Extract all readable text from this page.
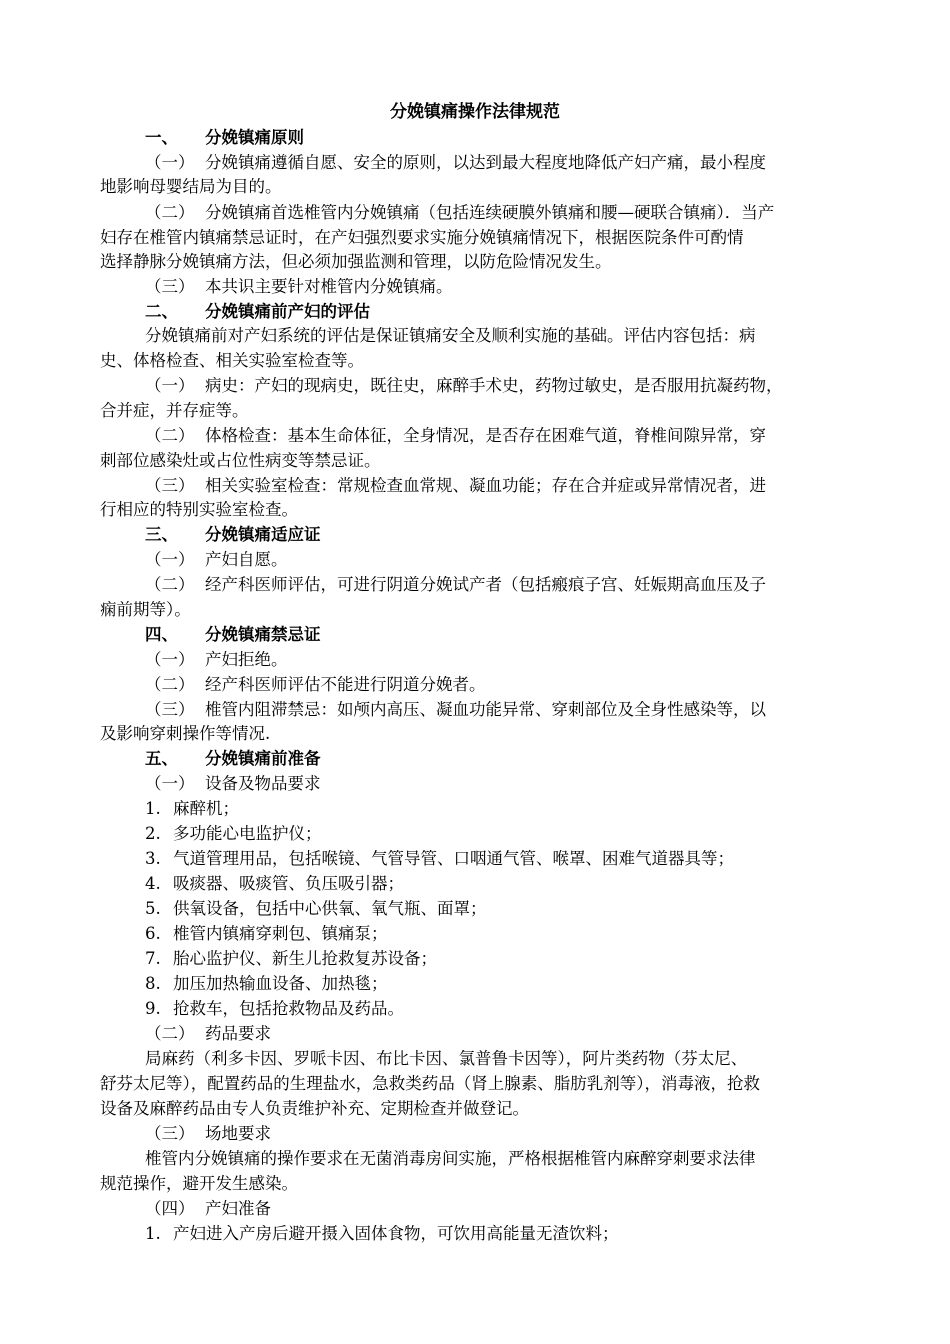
分娩镇痛操作法律规范
一、 分娩镇痛原则
（一） 分娩镇痛遵循自愿、安全的原则，以达到最大程度地降低产妇产痛，最小程度
地影响母婴结局为目的。
（二） 分娩镇痛首选椎管内分娩镇痛（包括连续硬膜外镇痛和腰—硬联合镇痛）．当产
妇存在椎管内镇痛禁忌证时，在产妇强烈要求实施分娩镇痛情况下，根据医院条件可酌情
选择静脉分娩镇痛方法，但必须加强监测和管理，以防危险情况发生。
（三） 本共识主要针对椎管内分娩镇痛。
二、 分娩镇痛前产妇的评估
分娩镇痛前对产妇系统的评估是保证镇痛安全及顺利实施的基础。评估内容包括：病
史、体格检查、相关实验室检查等。
（一） 病史：产妇的现病史，既往史，麻醉手术史，药物过敏史，是否服用抗凝药物，
合并症，并存症等。
（二） 体格检查：基本生命体征，全身情况，是否存在困难气道，脊椎间隙异常，穿
刺部位感染灶或占位性病变等禁忌证。
（三） 相关实验室检查：常规检查血常规、凝血功能；存在合并症或异常情况者，进
行相应的特别实验室检查。
三、 分娩镇痛适应证
（一） 产妇自愿。
（二） 经产科医师评估，可进行阴道分娩试产者（包括瘢痕子宫、妊娠期高血压及子
痫前期等）。
四、 分娩镇痛禁忌证
（一） 产妇拒绝。
（二） 经产科医师评估不能进行阴道分娩者。
（三） 椎管内阻滞禁忌：如颅内高压、凝血功能异常、穿刺部位及全身性感染等，以
及影响穿刺操作等情况.
五、 分娩镇痛前准备
（一） 设备及物品要求
1. 麻醉机；
2. 多功能心电监护仪；
3. 气道管理用品，包括喉镜、气管导管、口咽通气管、喉罩、困难气道器具等；
4. 吸痰器、吸痰管、负压吸引器；
5. 供氧设备，包括中心供氧、氧气瓶、面罩；
6. 椎管内镇痛穿刺包、镇痛泵；
7. 胎心监护仪、新生儿抢救复苏设备；
8. 加压加热输血设备、加热毯；
9. 抢救车，包括抢救物品及药品。
（二） 药品要求
局麻药（利多卡因、罗哌卡因、布比卡因、氯普鲁卡因等），阿片类药物（芬太尼、
舒芬太尼等），配置药品的生理盐水，急救类药品（肾上腺素、脂肪乳剂等），消毒液，抢救
设备及麻醉药品由专人负责维护补充、定期检查并做登记。
（三） 场地要求
椎管内分娩镇痛的操作要求在无菌消毒房间实施，严格根据椎管内麻醉穿刺要求法律
规范操作，避开发生感染。
（四） 产妇准备
1. 产妇进入产房后避开摄入固体食物，可饮用高能量无渣饮料；
